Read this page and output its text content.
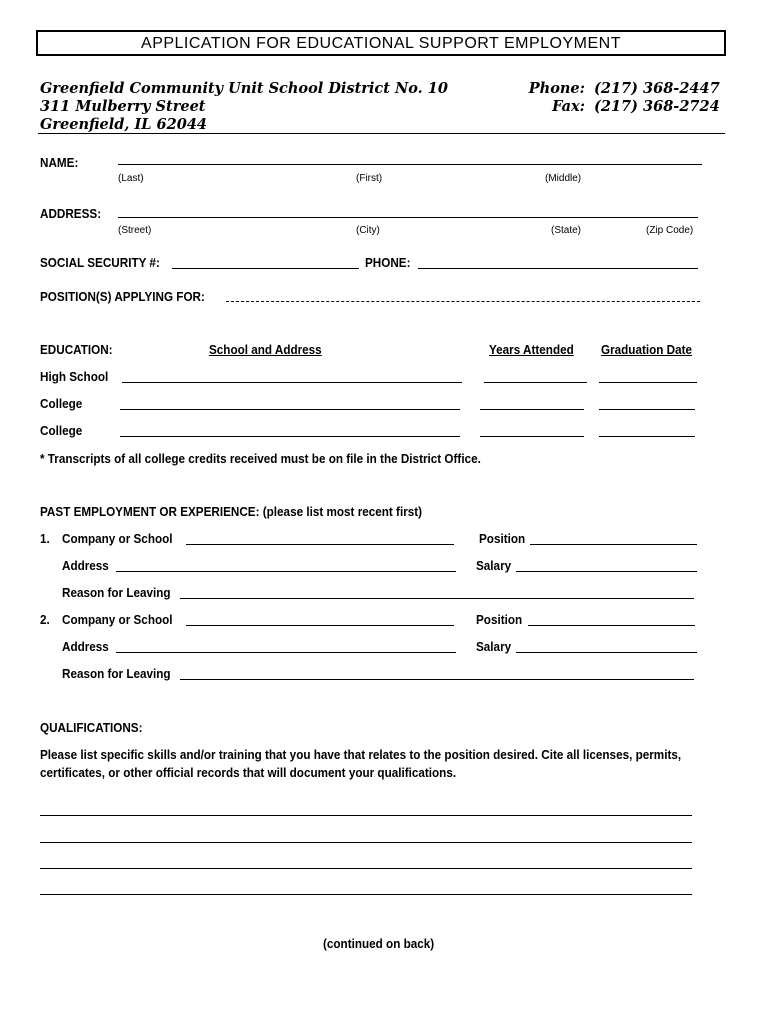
APPLICATION FOR EDUCATIONAL SUPPORT EMPLOYMENT
Greenfield Community Unit School District No. 10
311 Mulberry Street
Greenfield, IL 62044
Phone: (217) 368-2447
Fax: (217) 368-2724
NAME:
(Last)	(First)	(Middle)
ADDRESS:
(Street)	(City)	(State)	(Zip Code)
SOCIAL SECURITY #:	PHONE:
POSITION(S) APPLYING FOR:
EDUCATION:	School and Address	Years Attended Graduation Date
High School
College
College
* Transcripts of all college credits received must be on file in the District Office.
PAST EMPLOYMENT OR EXPERIENCE: (please list most recent first)
1. Company or School	Position
Address	Salary
Reason for Leaving
2. Company or School	Position
Address	Salary
Reason for Leaving
QUALIFICATIONS:
Please list specific skills and/or training that you have that relates to the position desired. Cite all licenses, permits,
certificates, or other official records that will document your qualifications.
(continued on back)
